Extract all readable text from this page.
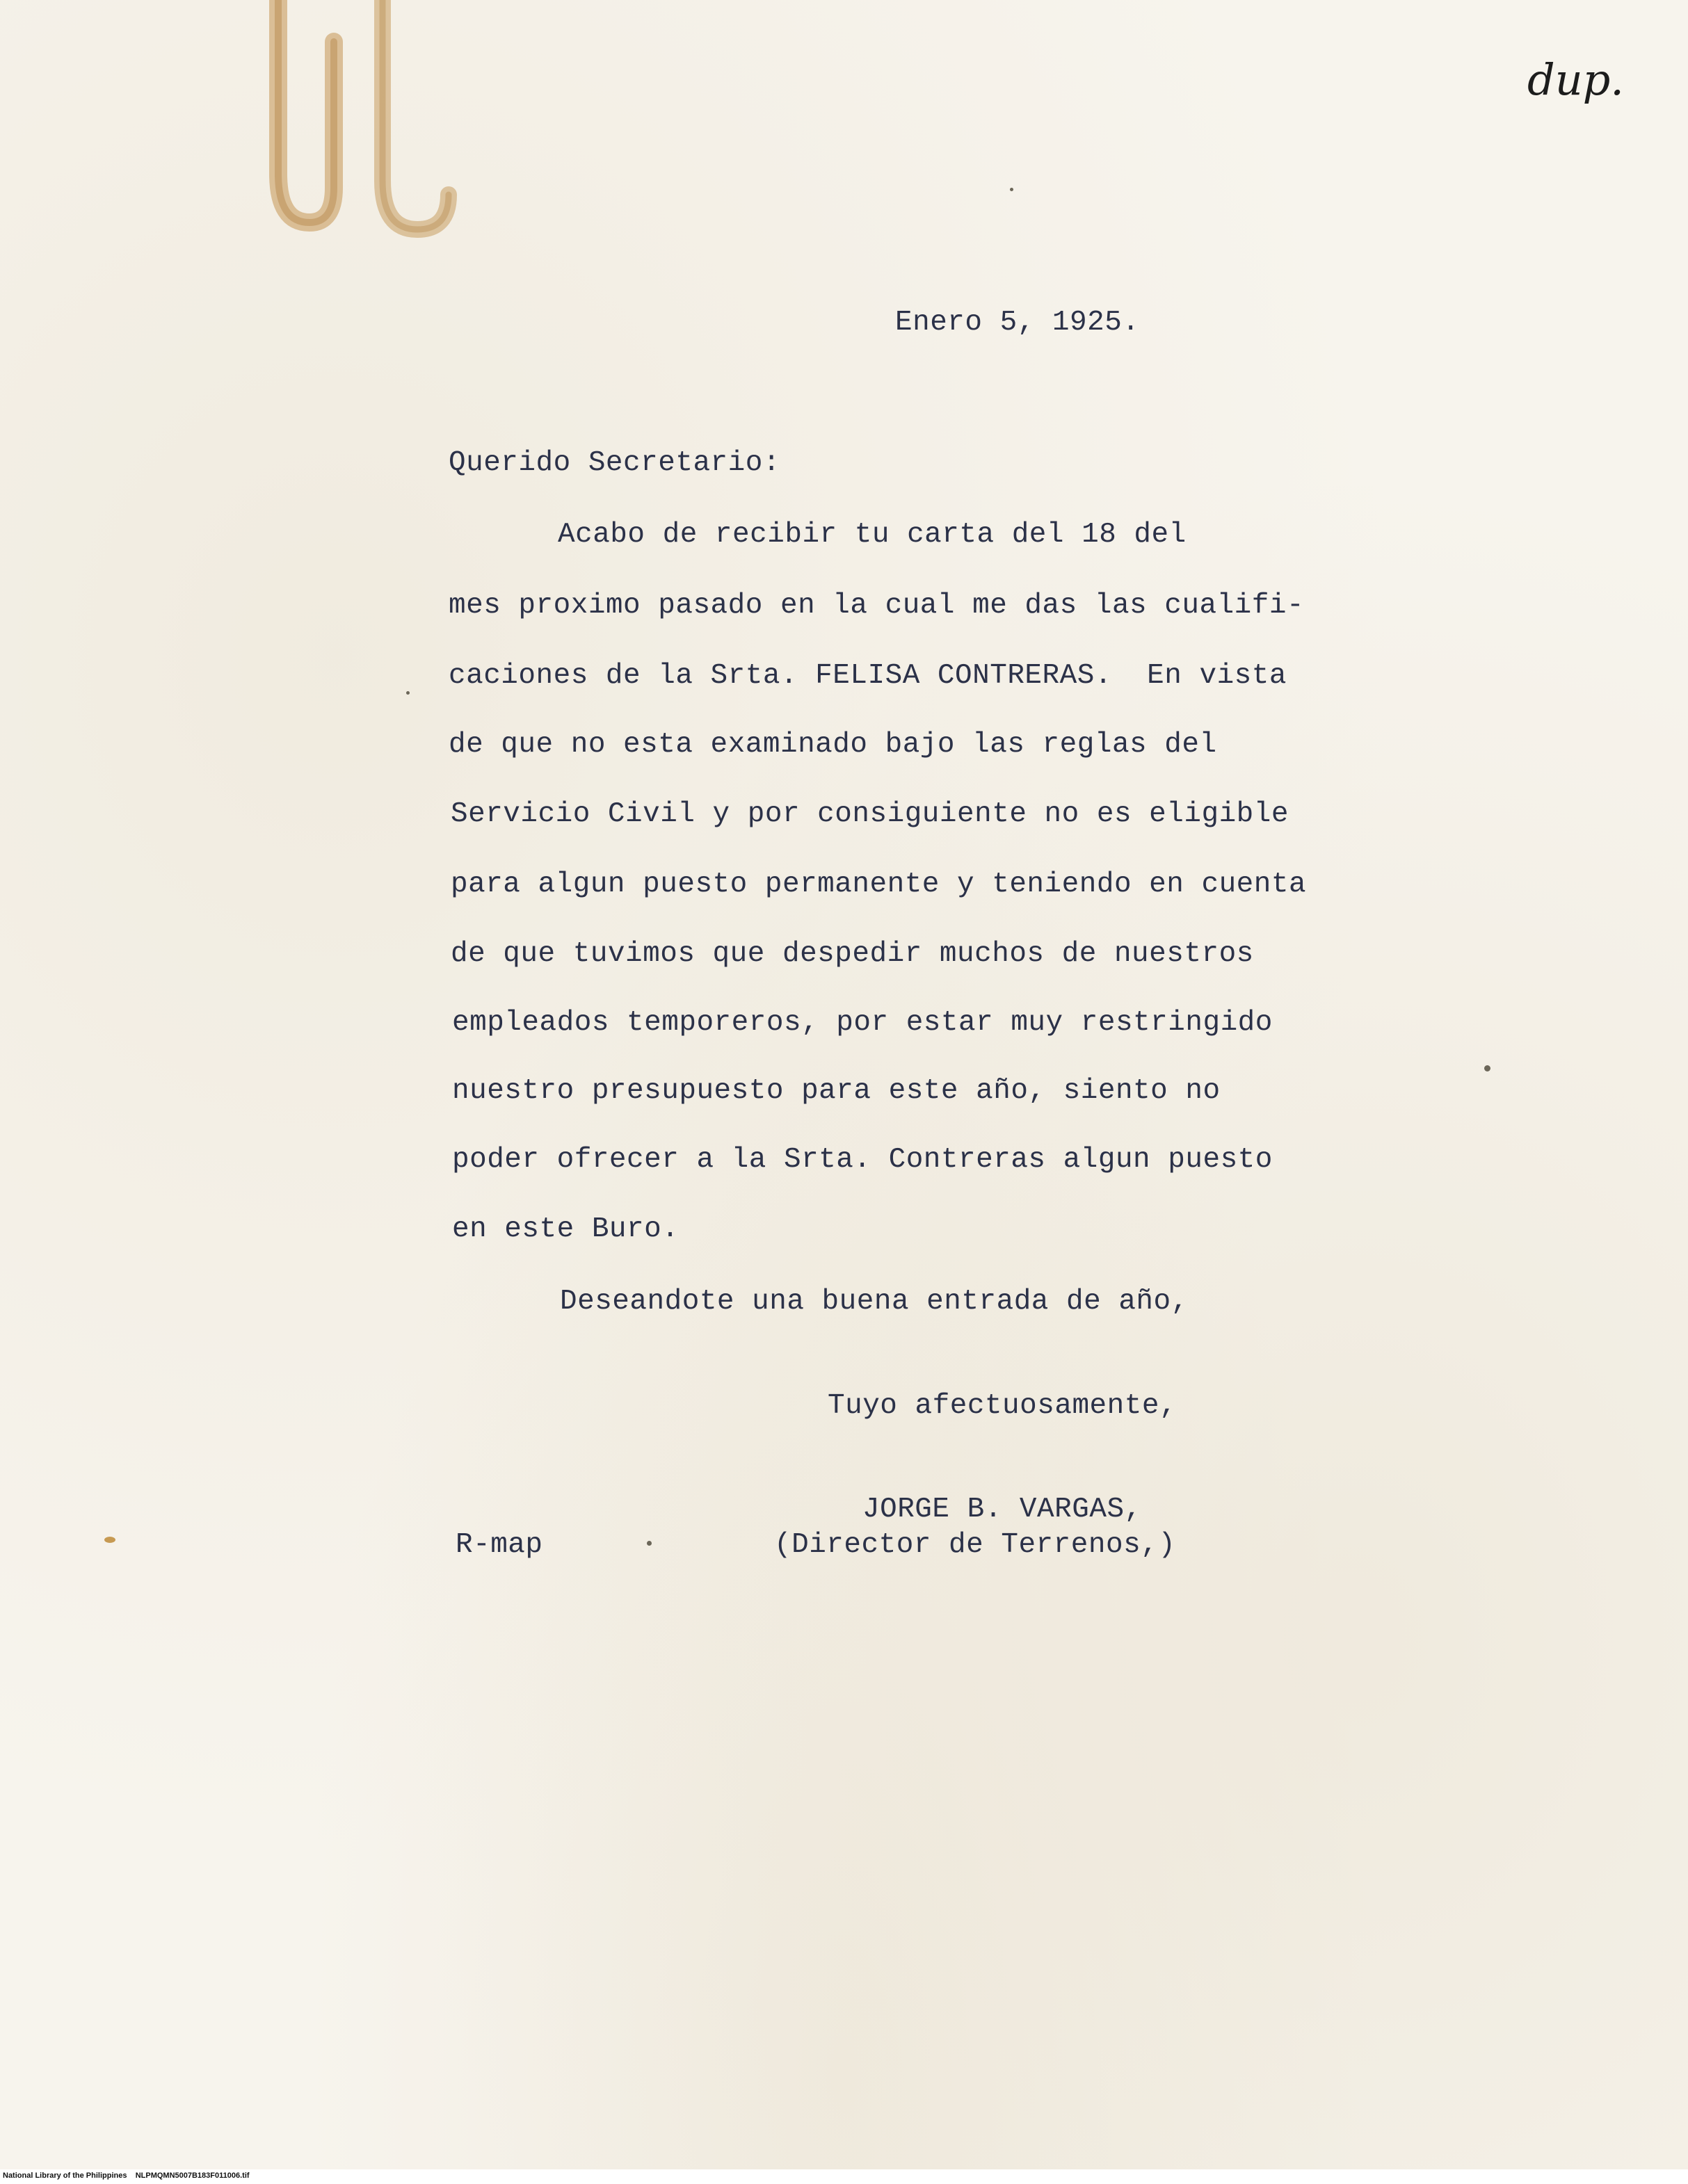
dup.

Enero 5, 1925.

Querido Secretario:

Acabo de recibir tu carta del 18 del

mes proximo pasado en la cual me das las cualifi-

caciones de la Srta. FELISA CONTRERAS.  En vista

de que no esta examinado bajo las reglas del

Servicio Civil y por consiguiente no es eligible

para algun puesto permanente y teniendo en cuenta

de que tuvimos que despedir muchos de nuestros

empleados temporeros, por estar muy restringido

nuestro presupuesto para este año, siento no

poder ofrecer a la Srta. Contreras algun puesto

en este Buro.

Deseandote una buena entrada de año,

Tuyo afectuosamente,

JORGE B. VARGAS,

(Director de Terrenos,)

R-map

National Library of the Philippines    NLPMQMN5007B183F011006.tif
